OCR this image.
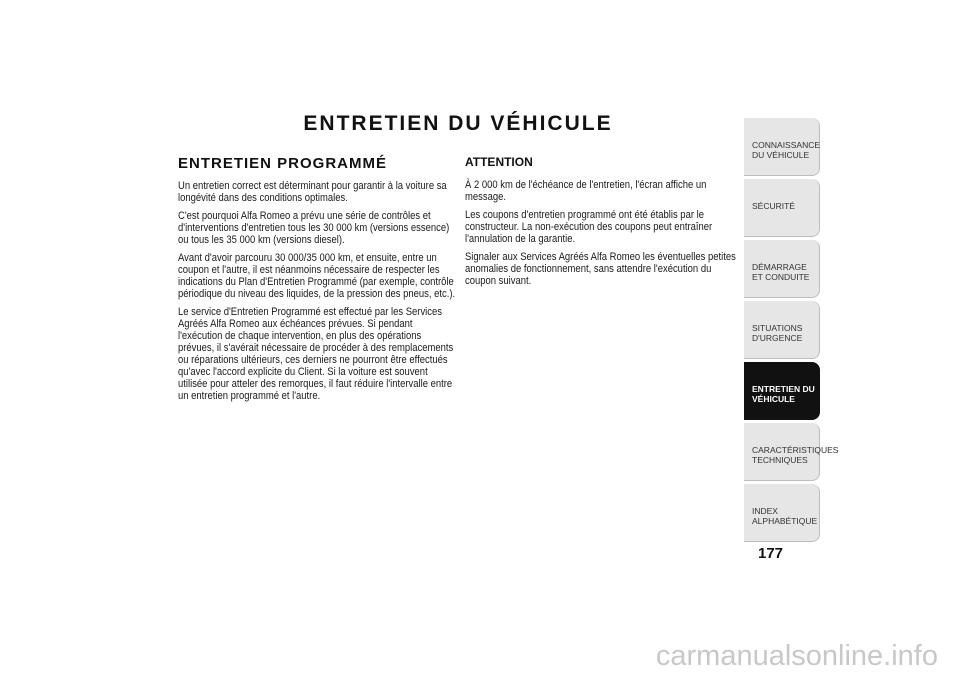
ENTRETIEN DU VÉHICULE
ENTRETIEN PROGRAMMÉ

Un entretien correct est déterminant pour garantir à la voiture sa longévité dans des conditions optimales.

C'est pourquoi Alfa Romeo a prévu une série de contrôles et d'interventions d'entretien tous les 30 000 km (versions essence) ou tous les 35 000 km (versions diesel).

Avant d'avoir parcouru 30 000/35 000 km, et ensuite, entre un coupon et l'autre, il est néanmoins nécessaire de respecter les indications du Plan d'Entretien Programmé (par exemple, contrôle périodique du niveau des liquides, de la pression des pneus, etc.).

Le service d'Entretien Programmé est effectué par les Services Agréés Alfa Romeo aux échéances prévues. Si pendant l'exécution de chaque intervention, en plus des opérations prévues, il s'avérait nécessaire de procéder à des remplacements ou réparations ultérieurs, ces derniers ne pourront être effectués qu'avec l'accord explicite du Client. Si la voiture est souvent utilisée pour atteler des remorques, il faut réduire l'intervalle entre un entretien programmé et l'autre.

ATTENTION

À 2 000 km de l'échéance de l'entretien, l'écran affiche un message.

Les coupons d'entretien programmé ont été établis par le constructeur. La non-exécution des coupons peut entraîner l'annulation de la garantie.

Signaler aux Services Agréés Alfa Romeo les éventuelles petites anomalies de fonctionnement, sans attendre l'exécution du coupon suivant.

CONNAISSANCE DU VÉHICULE
SÉCURITÉ
DÉMARRAGE ET CONDUITE
SITUATIONS D'URGENCE
ENTRETIEN DU VÉHICULE
CARACTÉRISTIQUES TECHNIQUES
INDEX ALPHABÉTIQUE
177
carmanualsonline.info
